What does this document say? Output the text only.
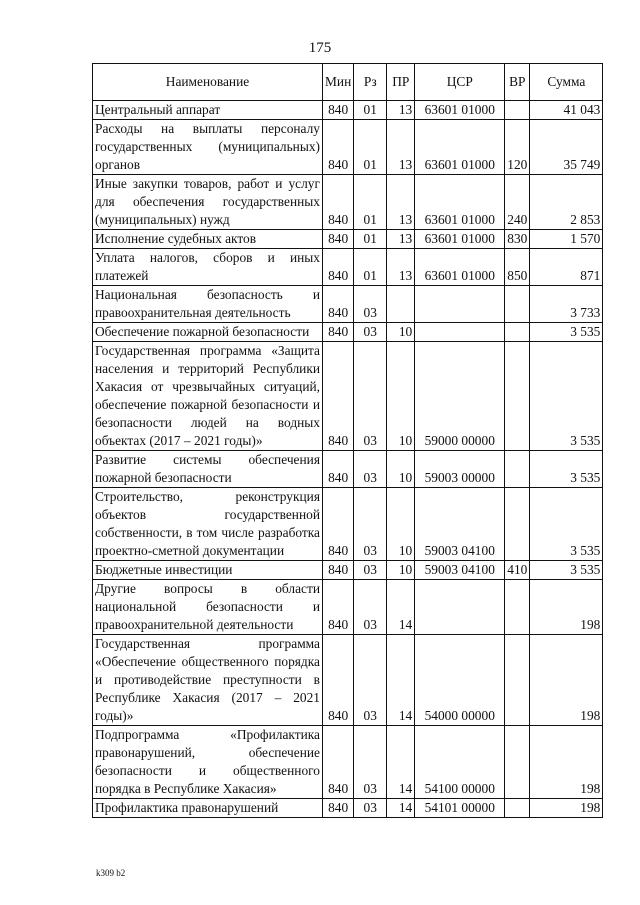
175
Наименование	Мин	Рз	ПР	ЦСР	ВР	Сумма
Центральный аппарат	840	01	13	63601 01000		41 043
Расходы на выплаты персоналу государственных (муниципальных) органов	840	01	13	63601 01000	120	35 749
Иные закупки товаров, работ и услуг для обеспечения государственных (муниципальных) нужд	840	01	13	63601 01000	240	2 853
Исполнение судебных актов	840	01	13	63601 01000	830	1 570
Уплата налогов, сборов и иных платежей	840	01	13	63601 01000	850	871
Национальная безопасность и правоохранительная деятельность	840	03				3 733
Обеспечение пожарной безопасности	840	03	10			3 535
Государственная программа «Защита населения и территорий Республики Хакасия от чрезвычайных ситуаций, обеспечение пожарной безопасности и безопасности людей на водных объектах (2017 – 2021 годы)»	840	03	10	59000 00000		3 535
Развитие системы обеспечения пожарной безопасности	840	03	10	59003 00000		3 535
Строительство, реконструкция объектов государственной собственности, в том числе разработка проектно-сметной документации	840	03	10	59003 04100		3 535
Бюджетные инвестиции	840	03	10	59003 04100	410	3 535
Другие вопросы в области национальной безопасности и правоохранительной деятельности	840	03	14			198
Государственная программа «Обеспечение общественного порядка и противодействие преступности в Республике Хакасия (2017 – 2021 годы)»	840	03	14	54000 00000		198
Подпрограмма «Профилактика правонарушений, обеспечение безопасности и общественного порядка в Республике Хакасия»	840	03	14	54100 00000		198
Профилактика правонарушений	840	03	14	54101 00000		198
k309 b2
